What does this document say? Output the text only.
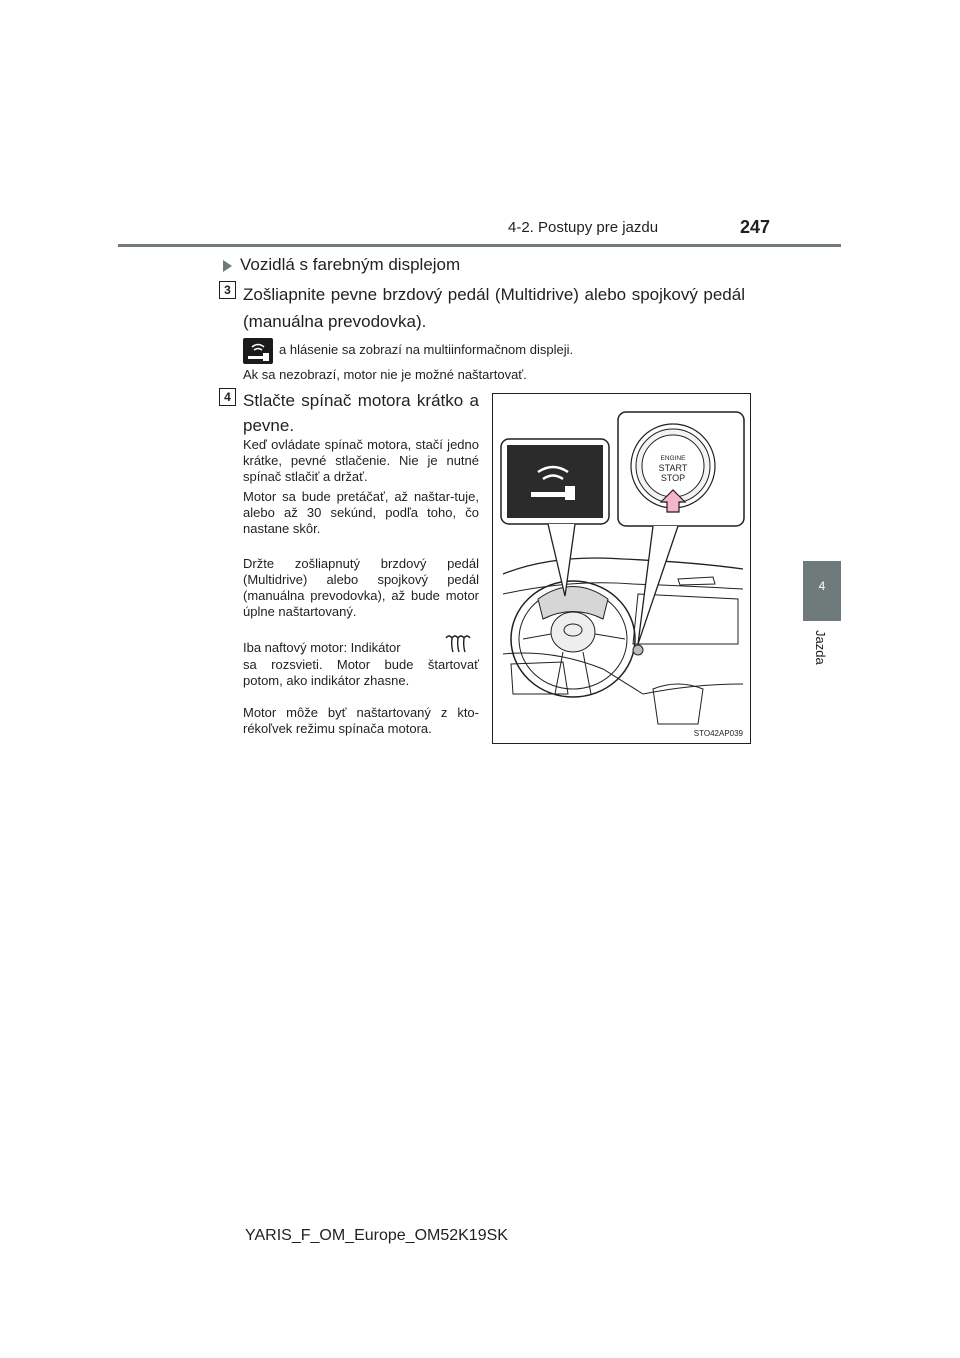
4-2. Postupy pre jazdu	247
4
Jazda
Vozidlá s farebným displejom
3 Zošliapnite pevne brzdový pedál (Multidrive) alebo spojkový pedál (manuálna prevodovka).
a hlásenie sa zobrazí na multiinformačnom displeji.
Ak sa nezobrazí, motor nie je možné naštartovať.
4 Stlačte spínač motora krátko a pevne.
Keď ovládate spínač motora, stačí jedno krátke, pevné stlačenie. Nie je nutné spínač stlačiť a držať.
Motor sa bude pretáčať, až naštar-tuje, alebo až 30 sekúnd, podľa toho, čo nastane skôr.
Držte zošliapnutý brzdový pedál (Multidrive) alebo spojkový pedál (manuálna prevodovka), až bude motor úplne naštartovaný.
Iba naftový motor: Indikátor
sa rozsvieti. Motor bude štartovať potom, ako indikátor zhasne.
Motor môže byť naštartovaný z kto-rékoľvek režimu spínača motora.
ENGINE
START
STOP
STO42AP039
YARIS_F_OM_Europe_OM52K19SK
